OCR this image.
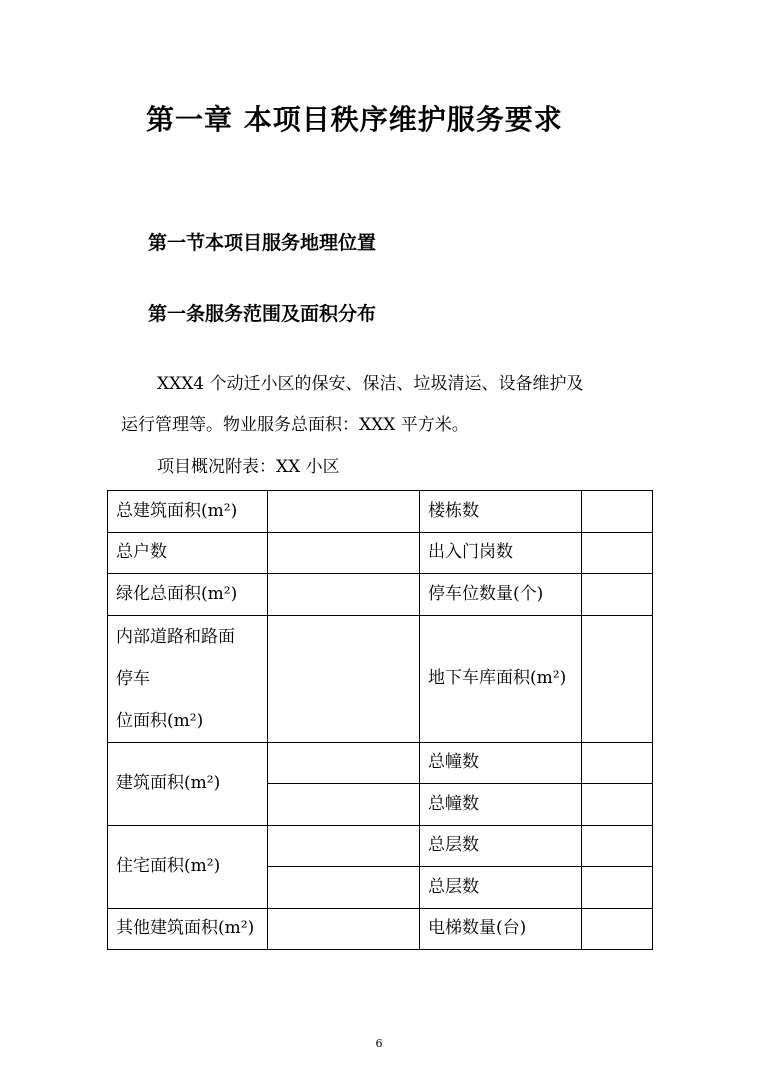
第一章 本项目秩序维护服务要求
第一节本项目服务地理位置
第一条服务范围及面积分布
XXX4 个动迁小区的保安、保洁、垃圾清运、设备维护及
运行管理等。物业服务总面积：XXX 平方米。
项目概况附表：XX 小区
总建筑面积(m²)		楼栋数	
总户数		出入门岗数	
绿化总面积(m²)		停车位数量(个)	

内部道路和路面
停车
位面积(m²)		地下车库面积(m²)	
建筑面积(m²)		总幢数	
		总幢数	
住宅面积(m²)		总层数	
		总层数	
其他建筑面积(m²)		电梯数量(台)	
6
